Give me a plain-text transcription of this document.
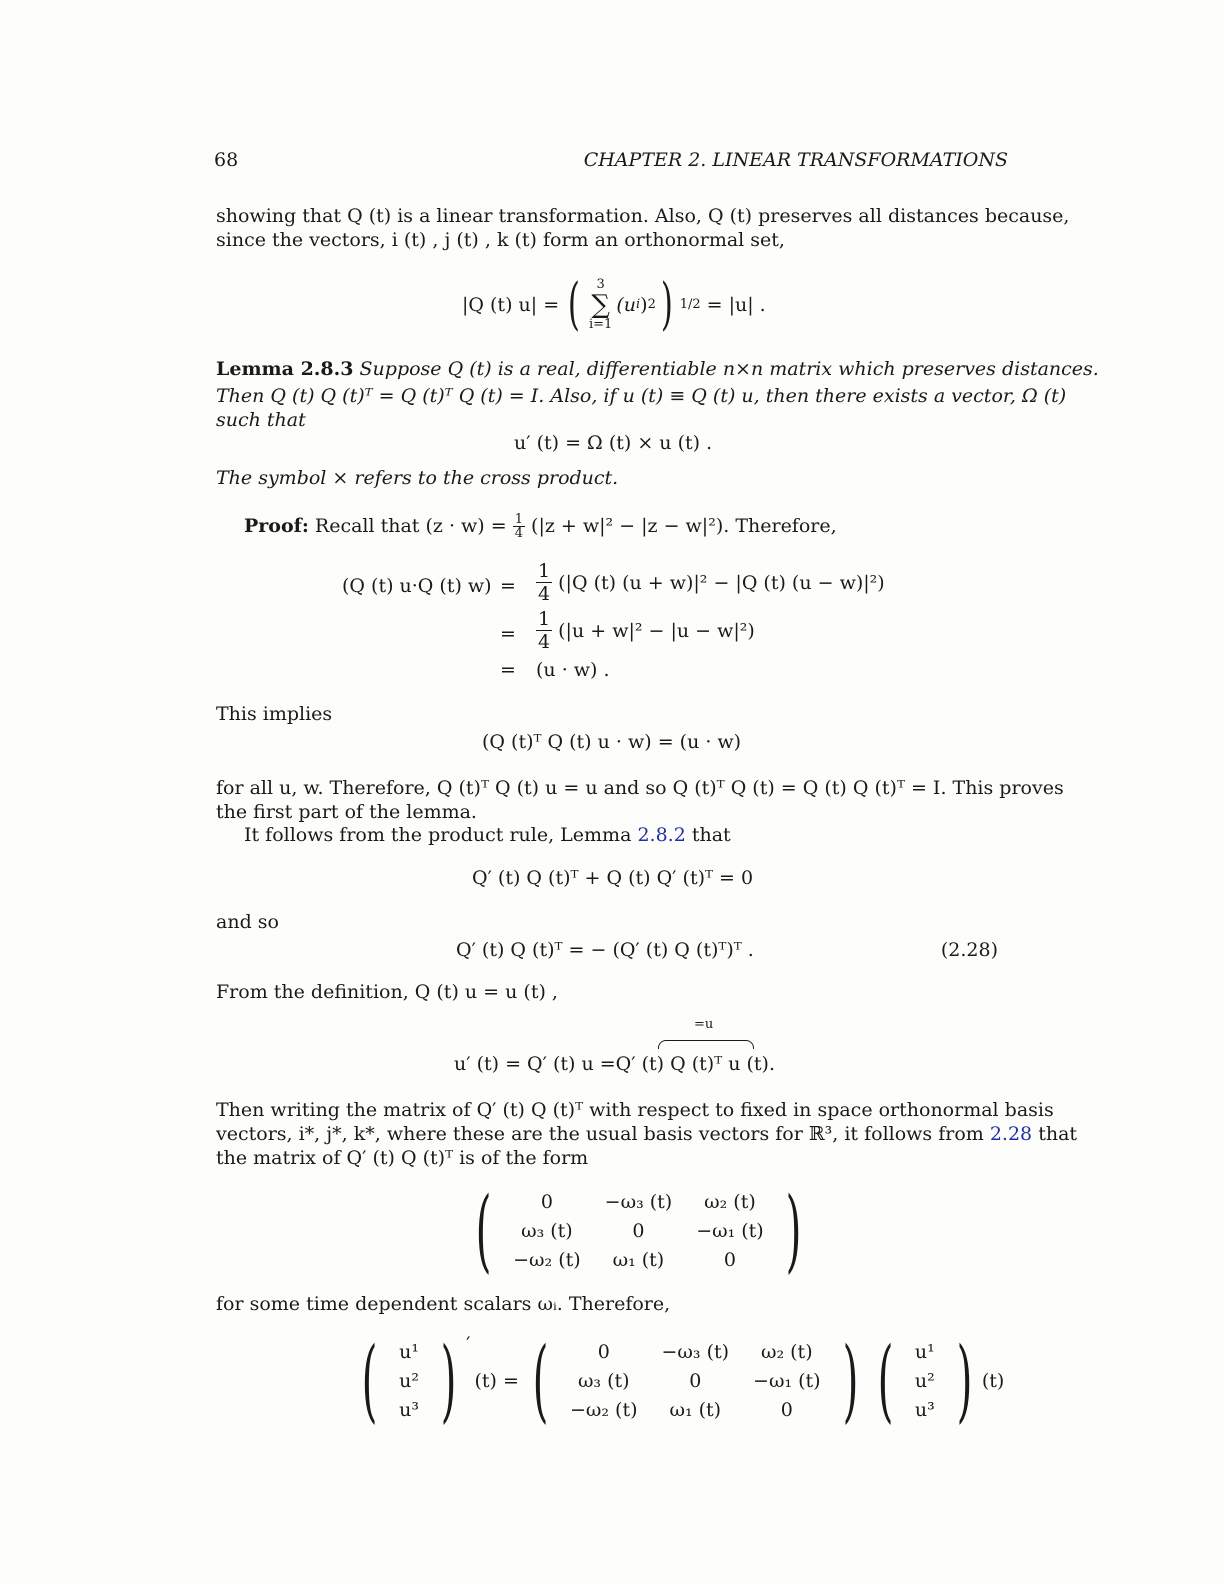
68	CHAPTER 2. LINEAR TRANSFORMATIONS
showing that Q (t) is a linear transformation. Also, Q (t) preserves all distances because,
since the vectors, i (t) , j (t) , k (t) form an orthonormal set,
|Q (t) u| = ( 3
∑
i=1
(u i ) 2 ) 1/2 = |u| .
Lemma 2.8.3 Suppose Q (t) is a real, differentiable n×n matrix which preserves distances.
Then Q (t) Q (t)ᵀ = Q (t)ᵀ Q (t) = I. Also, if u (t) ≡ Q (t) u, then there exists a vector, Ω (t)
such that
u′ (t) = Ω (t) × u (t) .
The symbol × refers to the cross product.
Proof:
Recall that (z · w) =
$\frac{1}{4}$
(|z + w|² − |z − w|²) . Therefore,
(Q (t) u·Q (t) $w) = \frac{1}{4}$
(|Q (t) (u + w)|² − |Q (t) (u − w)|²)
= $\frac{1}{4}$
(|u + w|² − |u − w|²)
= (u · w) .
This implies
(Q (t)ᵀ Q (t) u · w) = (u · w)
for all u, w. Therefore, Q (t)ᵀ Q (t) u = u and so Q (t)ᵀ Q (t) = Q (t) Q (t)ᵀ = I. This proves
the first part of the lemma.
It follows from the product rule, Lemma 2.8.2 that
Q′ (t) Q (t)ᵀ + Q (t) Q′ (t)ᵀ = 0
and so
Q′ (t) Q (t)ᵀ = − (Q′ (t) Q (t)ᵀ)ᵀ .	(2.28)
From the definition, Q (t) u = u (t) ,
=u
u′ (t) = Q′ (t) u =Q′ (t) Q (t)ᵀ u (t).
Then writing the matrix of Q′ (t) Q (t)ᵀ with respect to fixed in space orthonormal basis
vectors, i*, j*, k*, where these are the usual basis vectors for ℝ³, it follows from 2.28 that
the matrix of Q′ (t) Q (t)ᵀ is of the form
(	0	−ω₃ (t)	ω₂ (t)
ω₃ (t)	0	−ω₁ (t)
−ω₂ (t)	ω₁ (t)	0 )
for some time dependent scalars ωᵢ. Therefore,
( u¹
u²
u³ ) ′
(t) = (	0	−ω₃ (t)	ω₂ (t)
ω₃ (t)	0	−ω₁ (t)
−ω₂ (t)	ω₁ (t)	0 ) ( u¹
u²
u³ ) (t)
